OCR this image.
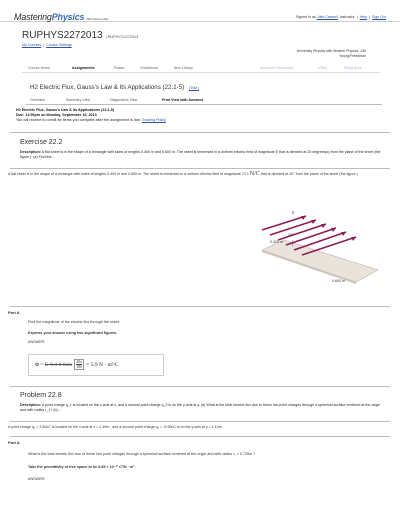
MasteringPhysics with Pearson eText	Signed in as Jolie Caswell, Instructor  |  Help  |  Sign Out
RUPHYS2272013 | RUPHYS2272013
My Courses  |  Course Settings
University Physics with Modern Physics, 13e
Young/Freedman
Course Home	Assignments	Roster	Gradebook	Item Library	Instructor Resources	eText	Study Area
H2 Electric Flux, Gauss's Law & Its Applications (22.1-5) [ Edit ]
Overview	Summary View	Diagnostics View	Print View with Answers
H2 Electric Flux, Gauss's Law & Its Applications (22.1-5)
Due: 11:59pm on Monday, September 16, 2013
You will receive no credit for items you complete after the assignment is due. Grading Policy
Exercise 22.2
Description: A flat sheet is in the shape of a rectangle with sides of lengths 0.400 m and 0.600 m. The sheet is immersed in a uniform electric field of magnitude E that is directed at 20 degrees(s) from the plane of the sheet (the figure ). (a) Find the...
A flat sheet is in the shape of a rectangle with sides of lengths 0.400 m and 0.600 m. The sheet is immersed in a uniform electric field of magnitude 72.1 N/C that is directed at 20° from the plane of the sheet (the figure ).
E
20°
0.400 m
0.600 m
Part A
Find the magnitude of the electric flux through the sheet.
Express your answer using two significant figures.
ANSWER:
$\Phi = E\cdot 0.4\cdot 0.6\sin \frac{20\pi}{180} = 5.9$ N · m²/C
Problem 22.8
Description: A point charge q_1 is located on the x-axis at x, and a second point charge q_2 is on the y-axis at y. (a) What is the total electric flux due to these two point charges through a spherical surface centered at the origin and with radius r_1? (b)...
A point charge q₁ = 3.50nC is located on the x-axis at x = 2.30m , and a second point charge q₂ = -5.90nC is on the y-axis at y = 1.10m .
Part A
What is the total electric flux due to these two point charges through a spherical surface centered at the origin and with radius r₁ = 0.725m ?
Take the permittivity of free space to be 8.85 × 10⁻¹² C²/N · m².
ANSWER:
